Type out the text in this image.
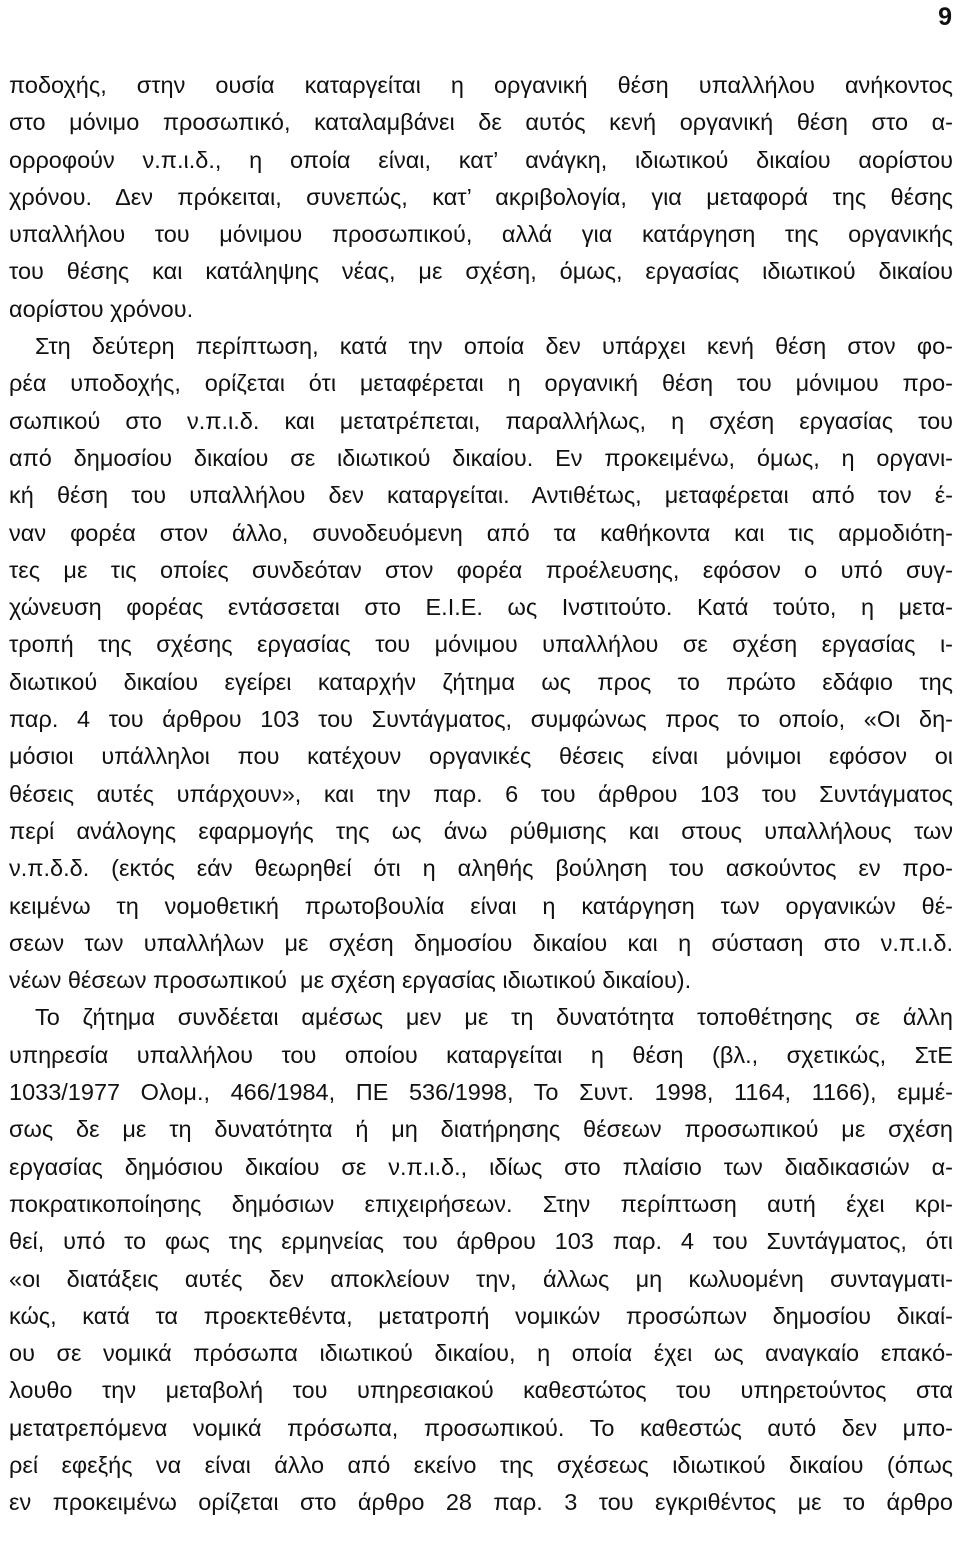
9
ποδοχής, στην ουσία καταργείται η οργανική θέση υπαλλήλου ανήκοντος
στο μόνιμο προσωπικό, καταλαμβάνει δε αυτός κενή οργανική θέση στο α-
ορροφούν ν.π.ι.δ., η οποία είναι, κατ’ ανάγκη, ιδιωτικού δικαίου αορίστου
χρόνου. Δεν πρόκειται, συνεπώς, κατ’ ακριβολογία, για μεταφορά της θέσης
υπαλλήλου του μόνιμου προσωπικού, αλλά για κατάργηση της οργανικής
του θέσης και κατάληψης νέας, με σχέση, όμως, εργασίας ιδιωτικού δικαίου
αορίστου χρόνου.
Στη δεύτερη περίπτωση, κατά την οποία δεν υπάρχει κενή θέση στον φο-
ρέα υποδοχής, ορίζεται ότι μεταφέρεται η οργανική θέση του μόνιμου προ-
σωπικού στο ν.π.ι.δ. και μετατρέπεται, παραλλήλως, η σχέση εργασίας του
από δημοσίου δικαίου σε ιδιωτικού δικαίου. Εν προκειμένω, όμως, η οργανι-
κή θέση του υπαλλήλου δεν καταργείται. Αντιθέτως, μεταφέρεται από τον έ-
ναν φορέα στον άλλο, συνοδευόμενη από τα καθήκοντα και τις αρμοδιότη-
τες με τις οποίες συνδεόταν στον φορέα προέλευσης, εφόσον ο υπό συγ-
χώνευση φορέας εντάσσεται στο Ε.Ι.Ε. ως Ινστιτούτο. Κατά τούτο, η μετα-
τροπή της σχέσης εργασίας του μόνιμου υπαλλήλου σε σχέση εργασίας ι-
διωτικού δικαίου εγείρει καταρχήν ζήτημα ως προς το πρώτο εδάφιο της
παρ. 4 του άρθρου 103 του Συντάγματος, συμφώνως προς το οποίο, «Οι δη-
μόσιοι υπάλληλοι που κατέχουν οργανικές θέσεις είναι μόνιμοι εφόσον οι
θέσεις αυτές υπάρχουν», και την παρ. 6 του άρθρου 103 του Συντάγματος
περί ανάλογης εφαρμογής της ως άνω ρύθμισης και στους υπαλλήλους των
ν.π.δ.δ. (εκτός εάν θεωρηθεί ότι η αληθής βούληση του ασκούντος εν προ-
κειμένω τη νομοθετική πρωτοβουλία είναι η κατάργηση των οργανικών θέ-
σεων των υπαλλήλων με σχέση δημοσίου δικαίου και η σύσταση στο ν.π.ι.δ.
νέων θέσεων προσωπικού  με σχέση εργασίας ιδιωτικού δικαίου).
Το ζήτημα συνδέεται αμέσως μεν με τη δυνατότητα τοποθέτησης σε άλλη
υπηρεσία υπαλλήλου του οποίου καταργείται η θέση (βλ., σχετικώς, ΣτΕ
1033/1977 Ολομ., 466/1984, ΠΕ 536/1998, Το Συντ. 1998, 1164, 1166), εμμέ-
σως δε με τη δυνατότητα ή μη διατήρησης θέσεων προσωπικού με σχέση
εργασίας δημόσιου δικαίου σε ν.π.ι.δ., ιδίως στο πλαίσιο των διαδικασιών α-
ποκρατικοποίησης δημόσιων επιχειρήσεων. Στην περίπτωση αυτή έχει κρι-
θεί, υπό το φως της ερμηνείας του άρθρου 103 παρ. 4 του Συντάγματος, ότι
«οι διατάξεις αυτές δεν αποκλείουν την, άλλως μη κωλυομένη συνταγματι-
κώς, κατά τα προεκτεθέντα, μετατροπή νομικών προσώπων δημοσίου δικαί-
ου σε νομικά πρόσωπα ιδιωτικού δικαίου, η οποία έχει ως αναγκαίο επακό-
λουθο την μεταβολή του υπηρεσιακού καθεστώτος του υπηρετούντος στα
μετατρεπόμενα νομικά πρόσωπα, προσωπικού. Το καθεστώς αυτό δεν μπο-
ρεί εφεξής να είναι άλλο από εκείνο της σχέσεως ιδιωτικού δικαίου (όπως
εν προκειμένω ορίζεται στο άρθρο 28 παρ. 3 του εγκριθέντος με το άρθρο
